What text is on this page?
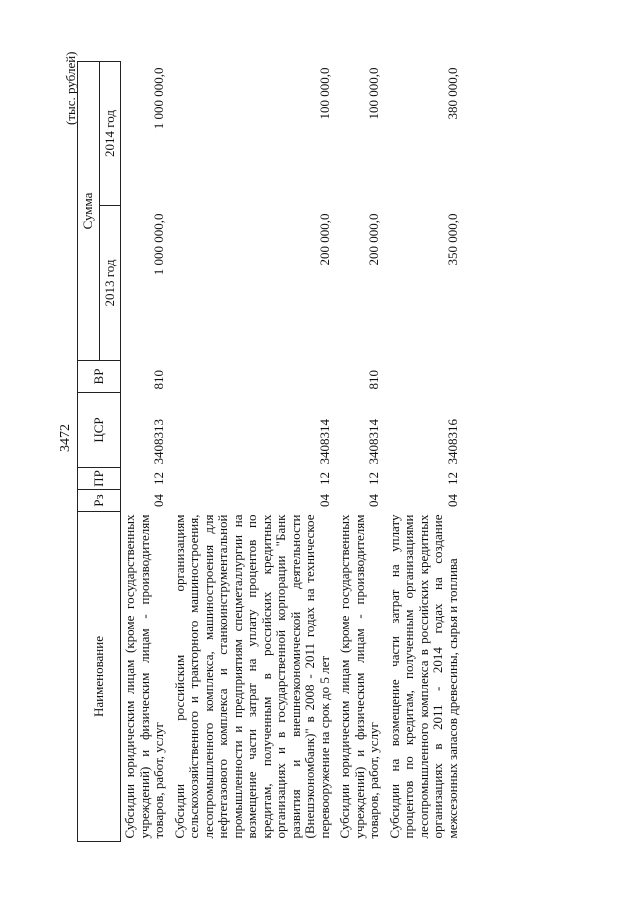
3472
(тыс. рублей)
Наименование	Рз	ПР	ЦСР	ВР	Сумма	
					2013 год	2014 год
Субсидии юридическим лицам (кроме государственных учреждений) и физическим лицам - производителям товаров, работ, услуг	04	12	3408313	810	1 000 000,0	1 000 000,0
Субсидии российским организациям сельскохозяйственного и тракторного машиностроения, лесопромышленного комплекса, машиностроения для нефтегазового комплекса и станкоинструментальной промышленности и предприятиям спецметаллургии на возмещение части затрат на уплату процентов по кредитам, полученным в российских кредитных организациях и в государственной корпорации "Банк развития и внешнеэкономической деятельности (Внешэкономбанк)" в 2008 - 2011 годах на техническое перевооружение на срок до 5 лет	04	12	3408314		200 000,0	100 000,0
Субсидии юридическим лицам (кроме государственных учреждений) и физическим лицам - производителям товаров, работ, услуг	04	12	3408314	810	200 000,0	100 000,0
Субсидии на возмещение части затрат на уплату процентов по кредитам, полученным организациями лесопромышленного комплекса в российских кредитных организациях в 2011 - 2014 годах на создание межсезонных запасов древесины, сырья и топлива	04	12	3408316		350 000,0	380 000,0
